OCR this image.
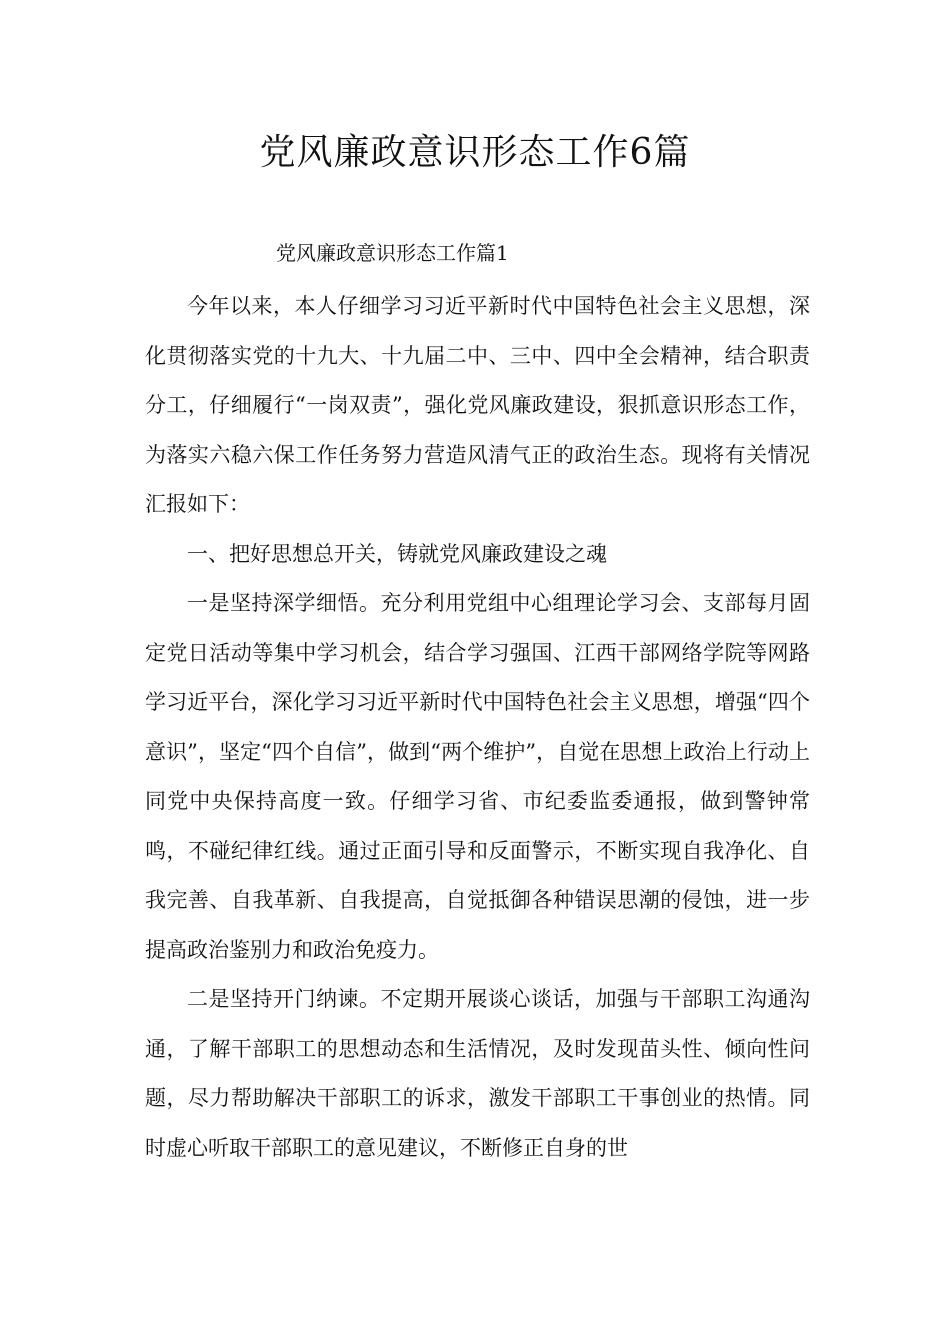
党风廉政意识形态工作6篇
党风廉政意识形态工作篇1

今年以来，本人仔细学习习近平新时代中国特色社会主义思想，深化贯彻落实党的十九大、十九届二中、三中、四中全会精神，结合职责分工，仔细履行“一岗双责”，强化党风廉政建设，狠抓意识形态工作，为落实六稳六保工作任务努力营造风清气正的政治生态。现将有关情况汇报如下：

一、把好思想总开关，铸就党风廉政建设之魂

一是坚持深学细悟。充分利用党组中心组理论学习会、支部每月固定党日活动等集中学习机会，结合学习强国、江西干部网络学院等网路学习近平台，深化学习习近平新时代中国特色社会主义思想，增强“四个意识”，坚定“四个自信”，做到“两个维护”，自觉在思想上政治上行动上同党中央保持高度一致。仔细学习省、市纪委监委通报，做到警钟常鸣，不碰纪律红线。通过正面引导和反面警示，不断实现自我净化、自我完善、自我革新、自我提高，自觉抵御各种错误思潮的侵蚀，进一步提高政治鉴别力和政治免疫力。

二是坚持开门纳谏。不定期开展谈心谈话，加强与干部职工沟通沟通，了解干部职工的思想动态和生活情况，及时发现苗头性、倾向性问题，尽力帮助解决干部职工的诉求，激发干部职工干事创业的热情。同时虚心听取干部职工的意见建议，不断修正自身的世
